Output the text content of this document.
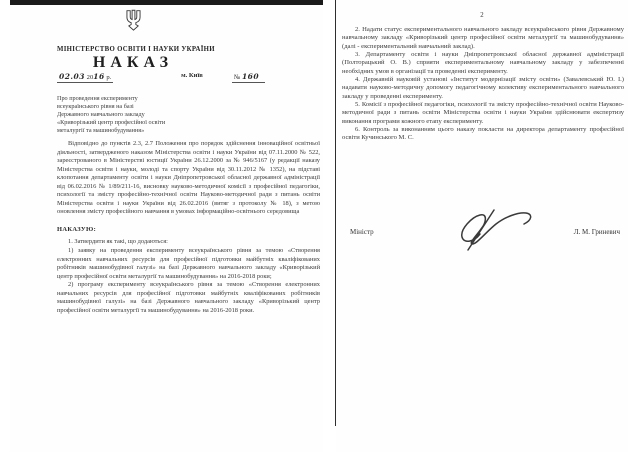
МІНІСТЕРСТВО ОСВІТИ І НАУКИ УКРАЇНИ
НАКАЗ
02.03 2016 р.	м. Київ	№ 160
Про проведення експерименту
всеукраїнського рівня на базі
Державного навчального закладу
«Криворізький центр професійної освіти
металургії та машинобудування»

Відповідно до пунктів 2.3, 2.7 Положення про порядок здійснення інноваційної освітньої діяльності, затвердженого наказом Міністерства освіти і науки України від 07.11.2000 № 522, зареєстрованого в Міністерстві юстиції України 26.12.2000 за № 946/5167 (у редакції наказу Міністерства освіти і науки, молоді та спорту України від 30.11.2012 № 1352), на підставі клопотання департаменту освіти і науки Дніпропетровської обласної державної адміністрації від 06.02.2016 № 1/89/211-16, висновку науково-методичної комісії з професійної педагогіки, психології та змісту професійно-технічної освіти Науково-методичної ради з питань освіти Міністерства освіти і науки України від 26.02.2016 (витяг з протоколу № 18), з метою оновлення змісту професійного навчання в умовах інформаційно-освітнього середовища

НАКАЗУЮ:

1. Затвердити як такі, що додаються:

1) заявку на проведення експерименту всеукраїнського рівня за темою «Створення електронних навчальних ресурсів для професійної підготовки майбутніх кваліфікованих робітників машинобудівної галузі» на базі Державного навчального закладу «Криворізький центр професійної освіти металургії та машинобудування» на 2016-2018 роки;

2) програму експерименту всеукраїнського рівня за темою «Створення електронних навчальних ресурсів для професійної підготовки майбутніх кваліфікованих робітників машинобудівної галузі» на базі Державного навчального закладу «Криворізький центр професійної освіти металургії та машинобудування» на 2016-2018 роки.

2

2. Надати статус експериментального навчального закладу всеукраїнського рівня Державному навчальному закладу «Криворізький центр професійної освіти металургії та машинобудування» (далі - експериментальний навчальний заклад).

3. Департаменту освіти і науки Дніпропетровської обласної державної адміністрації (Полторацький О. В.) сприяти експериментальному навчальному закладу у забезпеченні необхідних умов в організації та проведенні експерименту.

4. Державній науковій установі «Інститут модернізації змісту освіти» (Завалевський Ю. І.) надавати науково-методичну допомогу педагогічному колективу експериментального навчального закладу у проведенні експерименту.

5. Комісії з професійної педагогіки, психології та змісту професійно-технічної освіти Науково-методичної ради з питань освіти Міністерства освіти і науки України здійснювати експертизу виконання програми кожного етапу експерименту.

6. Контроль за виконанням цього наказу покласти на директора департаменту професійної освіти Кучинського М. С.

Міністр	Л. М. Гриневич
